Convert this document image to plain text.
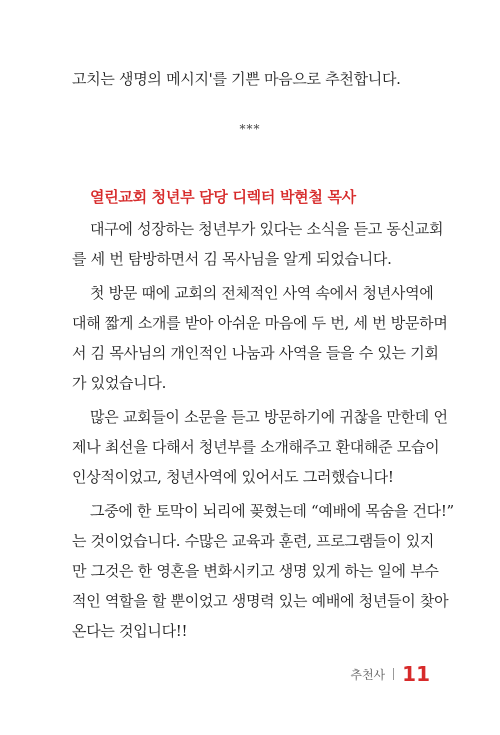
고치는 생명의 메시지'를 기쁜 마음으로 추천합니다.
***
열린교회 청년부 담당 디렉터 박현철 목사
대구에 성장하는 청년부가 있다는 소식을 듣고 동신교회
를 세 번 탐방하면서 김 목사님을 알게 되었습니다.
첫 방문 때에 교회의 전체적인 사역 속에서 청년사역에
대해 짧게 소개를 받아 아쉬운 마음에 두 번, 세 번 방문하며
서 김 목사님의 개인적인 나눔과 사역을 들을 수 있는 기회
가 있었습니다.
많은 교회들이 소문을 듣고 방문하기에 귀찮을 만한데 언
제나 최선을 다해서 청년부를 소개해주고 환대해준 모습이
인상적이었고, 청년사역에 있어서도 그러했습니다!
그중에 한 토막이 뇌리에 꽂혔는데 “예배에 목숨을 건다!”
는 것이었습니다. 수많은 교육과 훈련, 프로그램들이 있지
만 그것은 한 영혼을 변화시키고 생명 있게 하는 일에 부수
적인 역할을 할 뿐이었고 생명력 있는 예배에 청년들이 찾아
온다는 것입니다!!
추천사 11
